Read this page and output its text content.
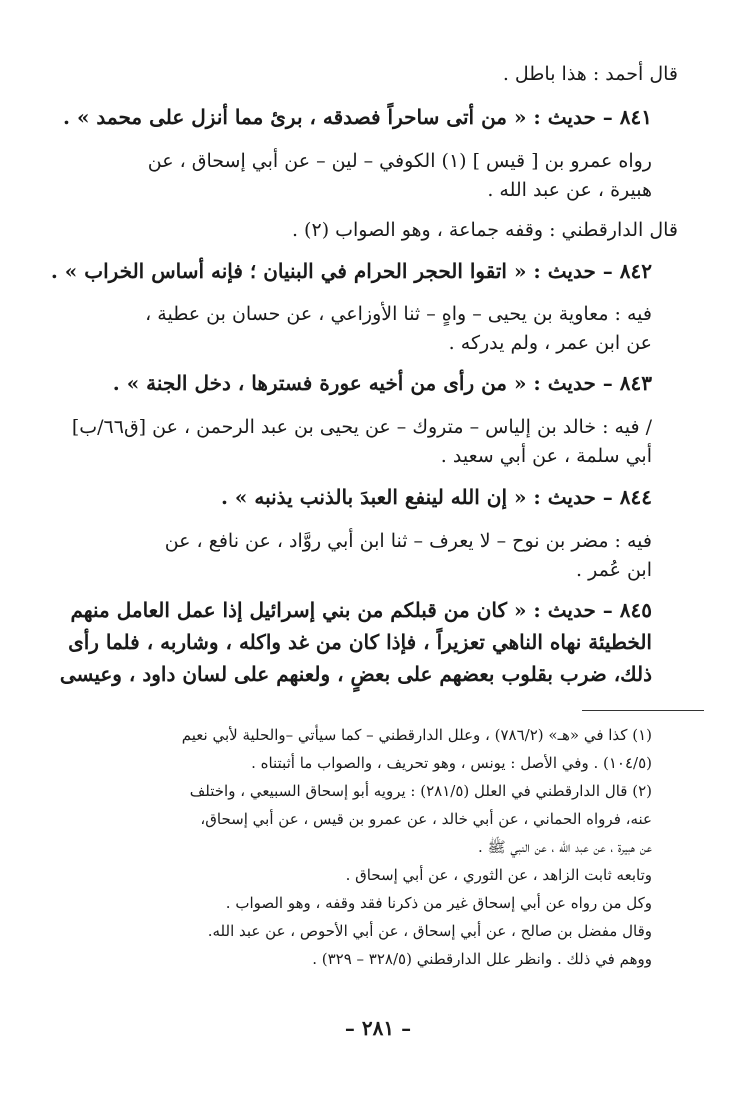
قال أحمد : هذا باطل .
٨٤١ – حديث : « من أتى ساحراً فصدقه ، برئ مما أنزل على محمد » .
رواه عمرو بن [ قيس ] (١) الكوفي – لين – عن أبي إسحاق ، عن
هبيرة ، عن عبد الله .
قال الدارقطني : وقفه جماعة ، وهو الصواب (٢) .
٨٤٢ – حديث : « اتقوا الحجر الحرام في البنيان ؛ فإنه أساس الخراب » .
فيه : معاوية بن يحيى – واهٍ – ثنا الأوزاعي ، عن حسان بن عطية ،
عن ابن عمر ، ولم يدركه .
٨٤٣ – حديث : « من رأى من أخيه عورة فسترها ، دخل الجنة » .
/ فيه : خالد بن إلياس – متروك – عن يحيى بن عبد الرحمن ، عن [ق٦٦/ب]
أبي سلمة ، عن أبي سعيد .
٨٤٤ – حديث : « إن الله لينفع العبدَ بالذنب يذنبه » .
فيه : مضر بن نوح – لا يعرف – ثنا ابن أبي روَّاد ، عن نافع ، عن
ابن عُمر .
٨٤٥ – حديث : « كان من قبلكم من بني إسرائيل إذا عمل العامل منهم
الخطيئة نهاه الناهي تعزيراً ، فإذا كان من غد واكله ، وشاربه ، فلما رأى
ذلك، ضرب بقلوب بعضهم على بعضٍ ، ولعنهم على لسان داود ، وعيسى
(١) كذا في «هـ» (٧٨٦/٢) ، وعلل الدارقطني – كما سيأتي –والحلية لأبي نعيم
(١٠٤/٥) . وفي الأصل : يونس ، وهو تحريف ، والصواب ما أثبتناه .
(٢) قال الدارقطني في العلل (٢٨١/٥) : يرويه أبو إسحاق السبيعي ، واختلف
عنه، فرواه الحماني ، عن أبي خالد ، عن عمرو بن قيس ، عن أبي إسحاق،
عن هبيرة ، عن عبد الله ، عن النبي ﷺ .
وتابعه ثابت الزاهد ، عن الثوري ، عن أبي إسحاق .
وكل من رواه عن أبي إسحاق غير من ذكرنا فقد وقفه ، وهو الصواب .
وقال مفضل بن صالح ، عن أبي إسحاق ، عن أبي الأحوص ، عن عبد الله.
ووهم في ذلك . وانظر علل الدارقطني (٣٢٨/٥ – ٣٢٩) .
– ٢٨١ –
